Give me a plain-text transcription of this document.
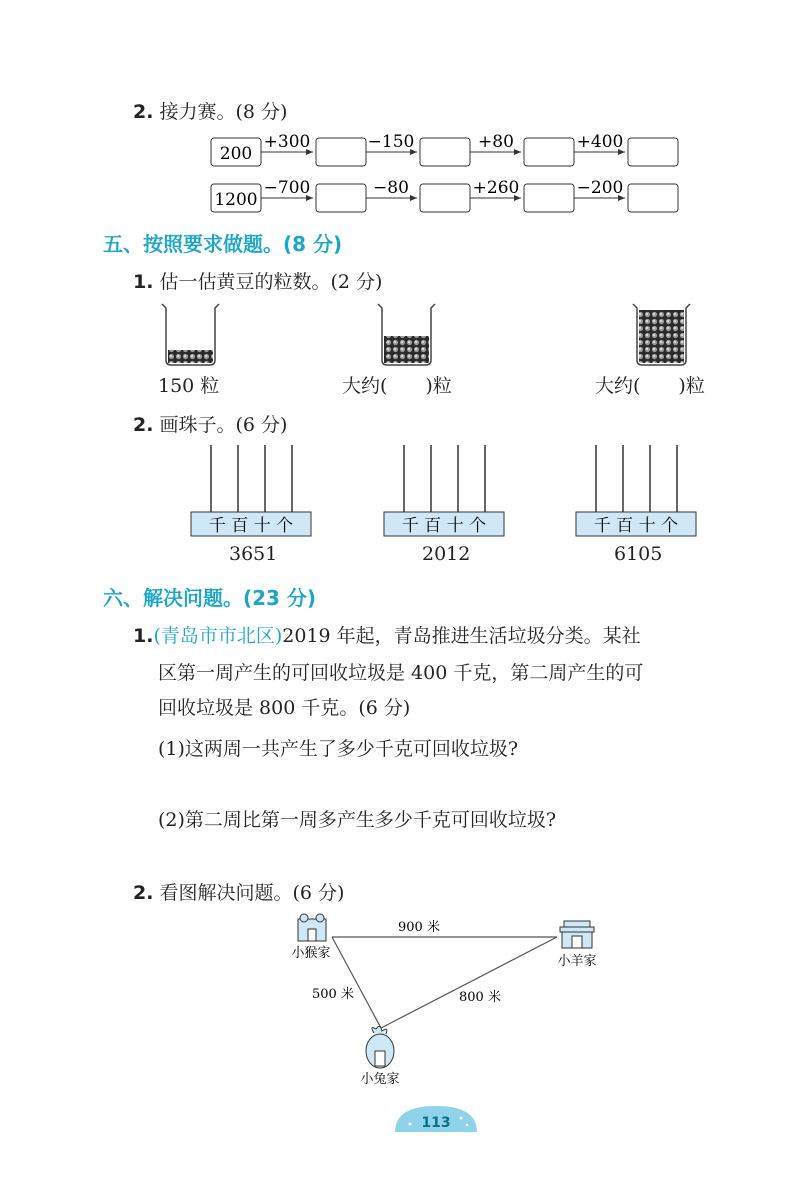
2. 接力赛。(8 分)
200
+300	−150	+80	+400
1200
−700	−80	+260	−200
五、按照要求做题。(8 分)
1. 估一估黄豆的粒数。(2 分)
150 粒	大约(　　)粒	大约(　　)粒
2. 画珠子。(6 分)
千 百 十 个	千 百 十 个	千 百 十 个
3651	2012	6105
六、解决问题。(23 分)
1.(青岛市市北区)2019 年起，青岛推进生活垃圾分类。某社
区第一周产生的可回收垃圾是 400 千克，第二周产生的可
回收垃圾是 800 千克。(6 分)
(1)这两周一共产生了多少千克可回收垃圾?
(2)第二周比第一周多产生多少千克可回收垃圾?
2. 看图解决问题。(6 分)
900 米
500 米	800 米
小猴家
小羊家
小兔家
113
